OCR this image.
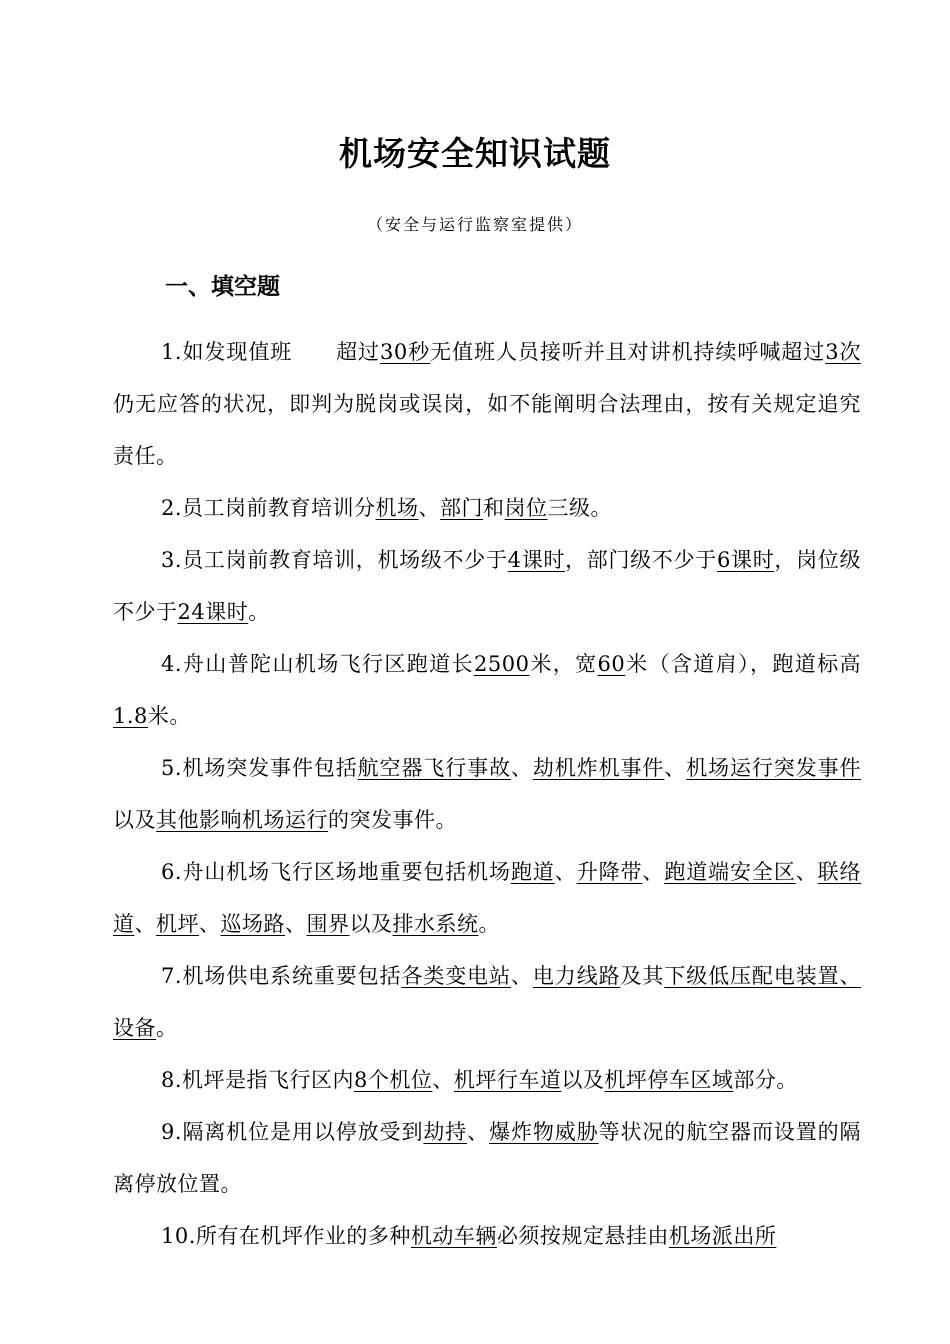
机场安全知识试题
（安全与运行监察室提供）
一、填空题

1.如发现值班　　超过30秒无值班人员接听并且对讲机持续呼喊超过3次仍无应答的状况，即判为脱岗或误岗，如不能阐明合法理由，按有关规定追究责任。

2.员工岗前教育培训分机场、部门和岗位三级。

3.员工岗前教育培训，机场级不少于4课时，部门级不少于6课时，岗位级不少于24课时。

4.舟山普陀山机场飞行区跑道长2500米，宽60米（含道肩），跑道标高1.8米。

5.机场突发事件包括航空器飞行事故、劫机炸机事件、机场运行突发事件以及其他影响机场运行的突发事件。

6.舟山机场飞行区场地重要包括机场跑道、升降带、跑道端安全区、联络道、机坪、巡场路、围界以及排水系统。

7.机场供电系统重要包括各类变电站、电力线路及其下级低压配电装置、设备。

8.机坪是指飞行区内8个机位、机坪行车道以及机坪停车区域部分。

9.隔离机位是用以停放受到劫持、爆炸物威胁等状况的航空器而设置的隔离停放位置。

10.所有在机坪作业的多种机动车辆必须按规定悬挂由机场派出所
